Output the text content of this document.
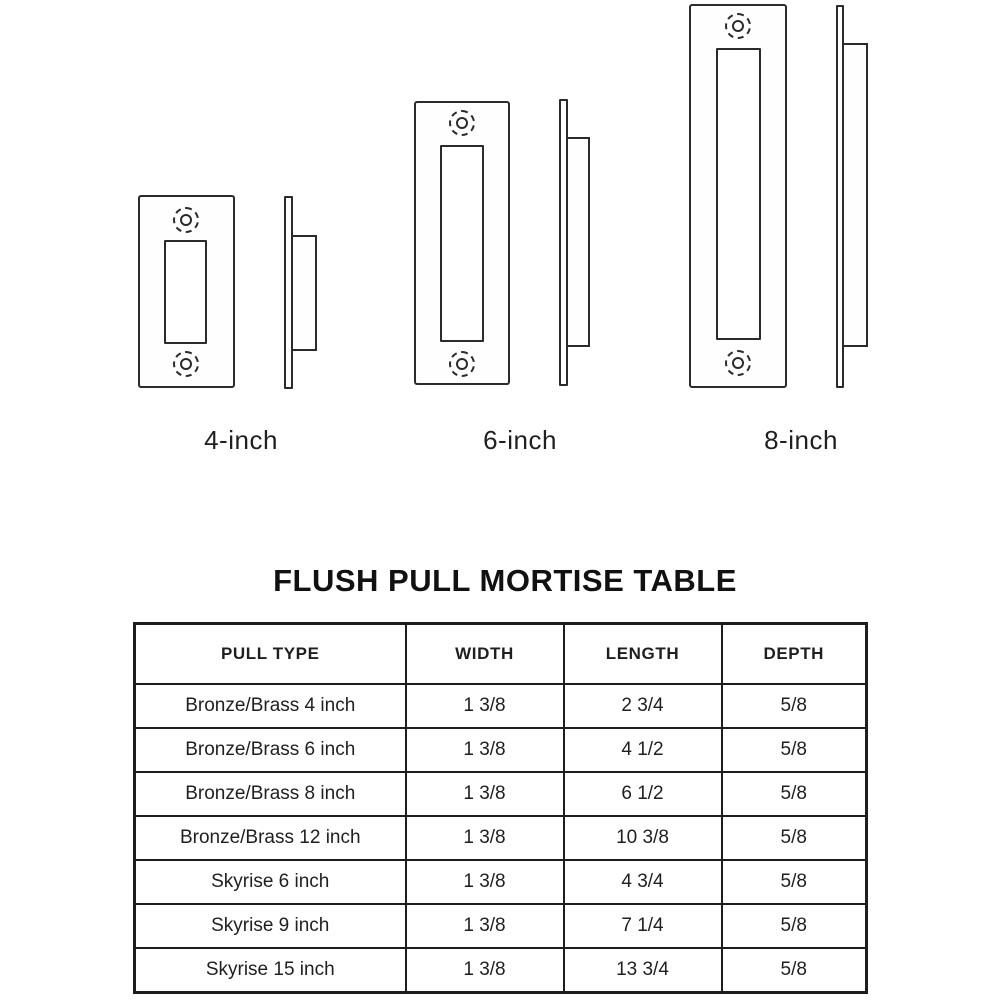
4-inch	6-inch	8-inch
FLUSH PULL MORTISE TABLE
PULL TYPE	WIDTH	LENGTH	DEPTH
Bronze/Brass 4 inch	1 3/8	2 3/4	5/8
Bronze/Brass 6 inch	1 3/8	4 1/2	5/8
Bronze/Brass 8 inch	1 3/8	6 1/2	5/8
Bronze/Brass 12 inch	1 3/8	10 3/8	5/8
Skyrise 6 inch	1 3/8	4 3/4	5/8
Skyrise 9 inch	1 3/8	7 1/4	5/8
Skyrise 15 inch	1 3/8	13 3/4	5/8
